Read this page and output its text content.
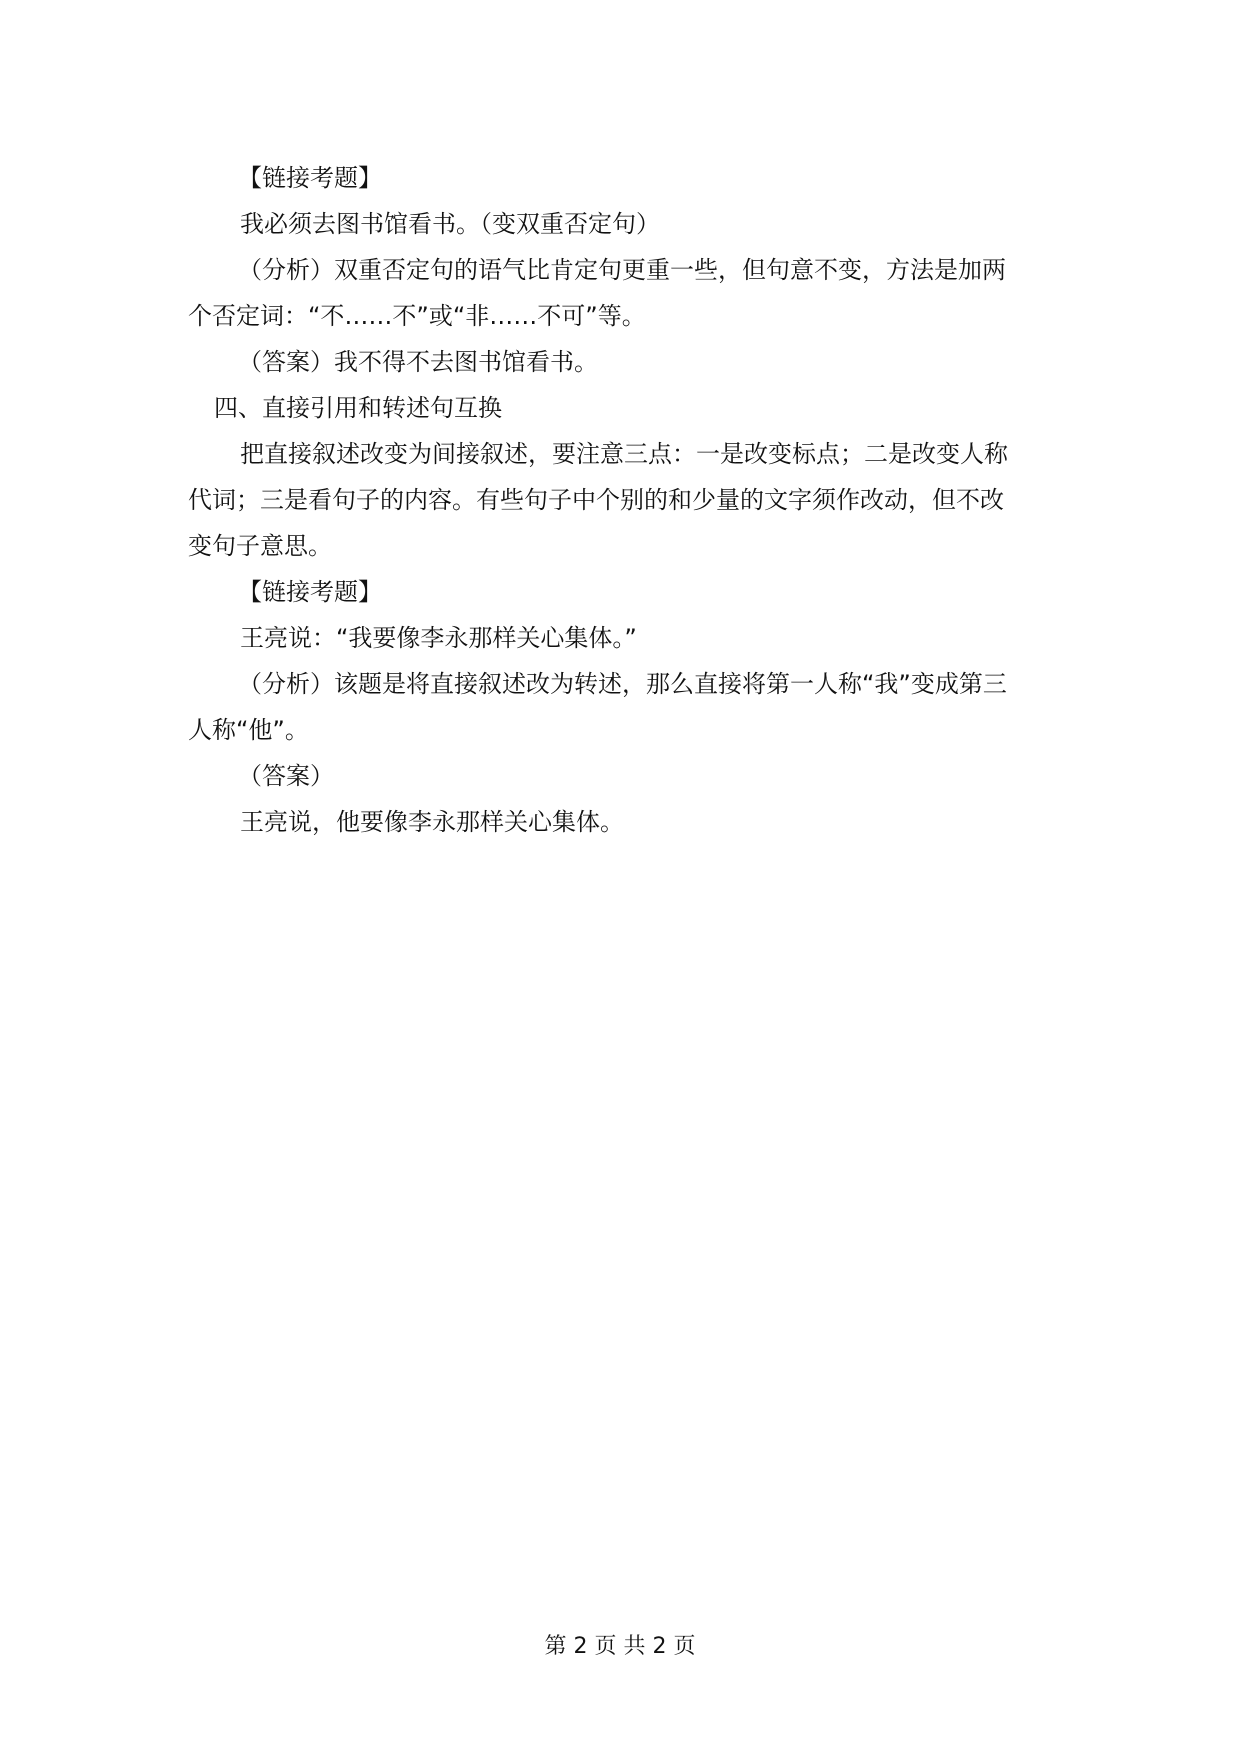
【链接考题】
我必须去图书馆看书。（变双重否定句）
（分析）双重否定句的语气比肯定句更重一些，但句意不变，方法是加两
个否定词：“不……不”或“非……不可”等。
（答案）我不得不去图书馆看书。
四、直接引用和转述句互换
把直接叙述改变为间接叙述，要注意三点：一是改变标点；二是改变人称
代词；三是看句子的内容。有些句子中个别的和少量的文字须作改动，但不改
变句子意思。
【链接考题】
王亮说：“我要像李永那样关心集体。”
（分析）该题是将直接叙述改为转述，那么直接将第一人称“我”变成第三
人称“他”。
（答案）
王亮说，他要像李永那样关心集体。
第 2 页 共 2 页
